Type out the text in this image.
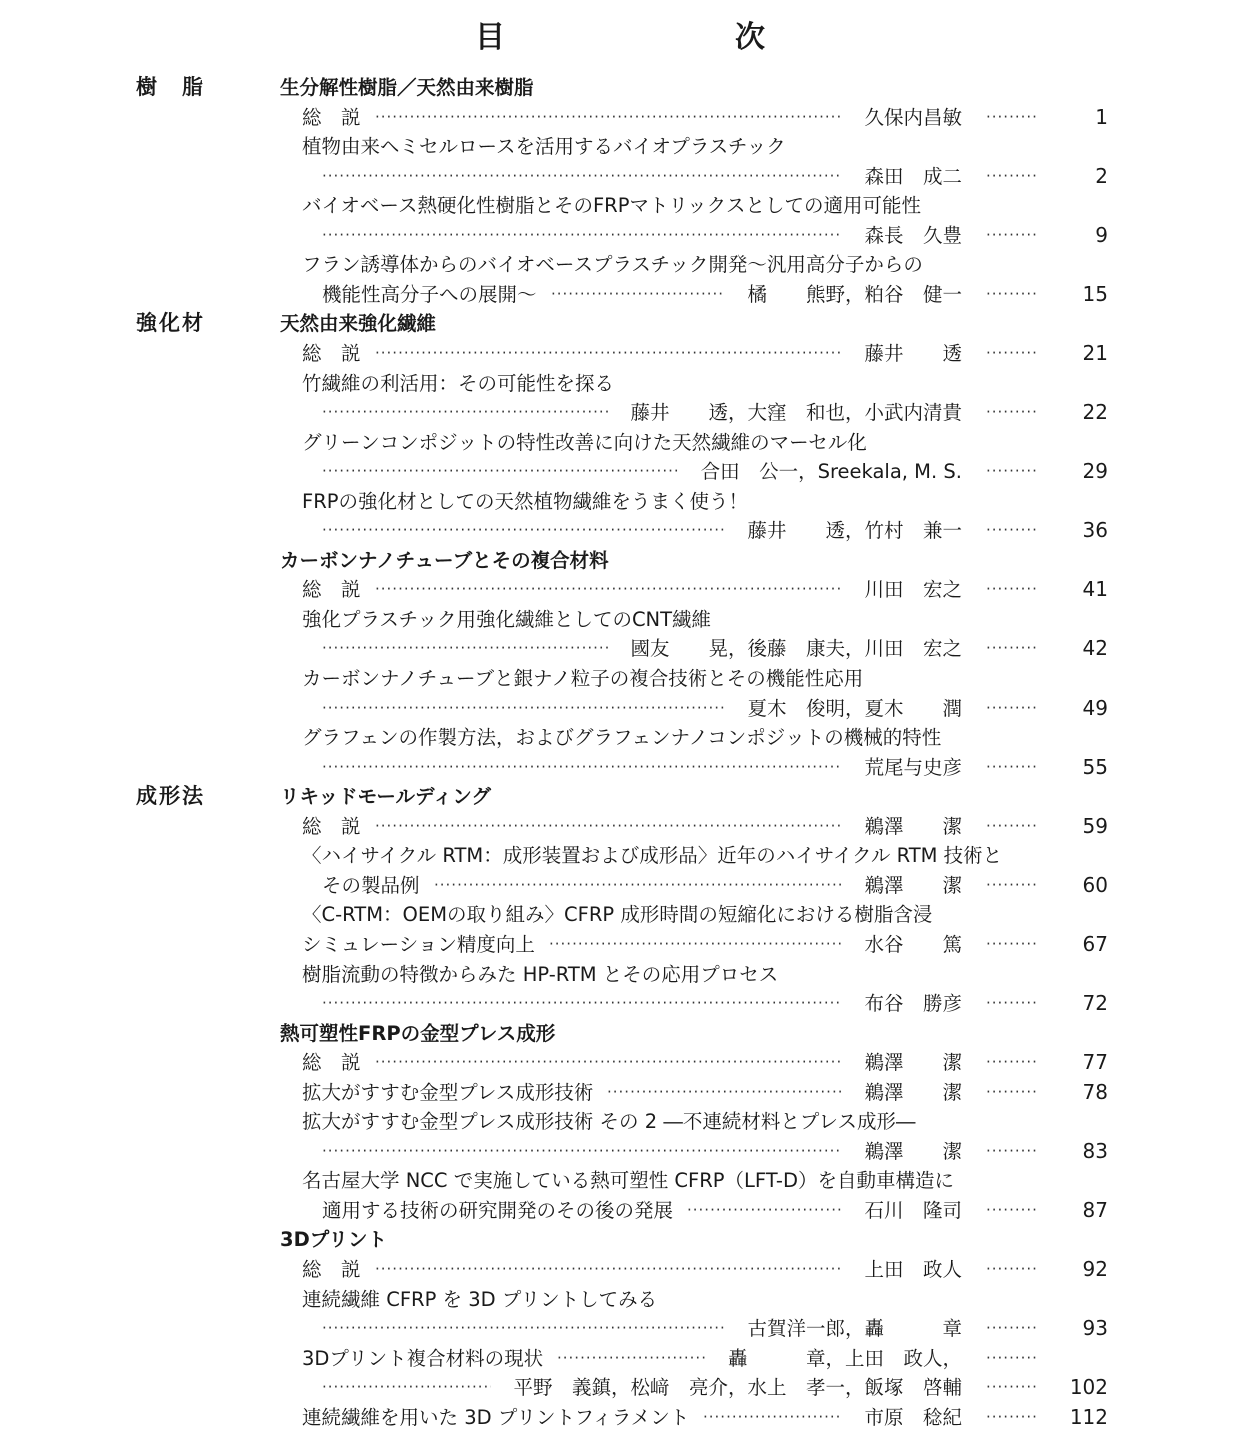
目　次
樹　脂	生分解性樹脂／天然由来樹脂
総　説	久保内昌敏	1
·····
·····
植物由来ヘミセルロースを活用するバイオプラスチック
森田　成二	2
·····
·····
バイオベース熱硬化性樹脂とそのFRPマトリックスとしての適用可能性
森長　久豊	9
·····
·····
フラン誘導体からのバイオベースプラスチック開発〜汎用高分子からの
機能性高分子への展開〜	橘　　熊野，粕谷　健一	15
·····
·····
強化材	天然由来強化繊維
総　説	藤井　　透	21
·····
·····
竹繊維の利活用：その可能性を探る
藤井　　透，大窪　和也，小武内清貴	22
·····
·····
グリーンコンポジットの特性改善に向けた天然繊維のマーセル化
合田　公一，Sreekala, M. S.	29
·····
·····
FRPの強化材としての天然植物繊維をうまく使う！
藤井　　透，竹村　兼一	36
·····
·····
カーボンナノチューブとその複合材料
総　説	川田　宏之	41
·····
·····
強化プラスチック用強化繊維としてのCNT繊維
國友　　晃，後藤　康夫，川田　宏之	42
·····
·····
カーボンナノチューブと銀ナノ粒子の複合技術とその機能性応用
夏木　俊明，夏木　　潤	49
·····
·····
グラフェンの作製方法，およびグラフェンナノコンポジットの機械的特性
荒尾与史彦	55
·····
·····
成形法	リキッドモールディング
総　説	鵜澤　　潔	59
·····
·····
〈ハイサイクル RTM：成形装置および成形品〉近年のハイサイクル RTM 技術と
その製品例	鵜澤　　潔	60
·····
·····
〈C-RTM：OEMの取り組み〉CFRP 成形時間の短縮化における樹脂含浸
シミュレーション精度向上	水谷　　篤	67
·····
·····
樹脂流動の特徴からみた HP-RTM とその応用プロセス
布谷　勝彦	72
·····
·····
熱可塑性FRPの金型プレス成形
総　説	鵜澤　　潔	77
·····
·····
拡大がすすむ金型プレス成形技術	鵜澤　　潔	78
·····
·····
拡大がすすむ金型プレス成形技術 その 2 ―不連続材料とプレス成形―
鵜澤　　潔	83
·····
·····
名古屋大学 NCC で実施している熱可塑性 CFRP（LFT-D）を自動車構造に
適用する技術の研究開発のその後の発展	石川　隆司	87
·····
·····
3Dプリント
総　説	上田　政人	92
·····
·····
連続繊維 CFRP を 3D プリントしてみる
古賀洋一郎，轟　　　章	93
·····
·····
3Dプリント複合材料の現状	轟　　　章，上田　政人，
·····
·····
平野　義鎮，松﨑　亮介，水上　孝一，飯塚　啓輔	102
·····
·····
連続繊維を用いた 3D プリントフィラメント	市原　稔紀	112
·····
·····
